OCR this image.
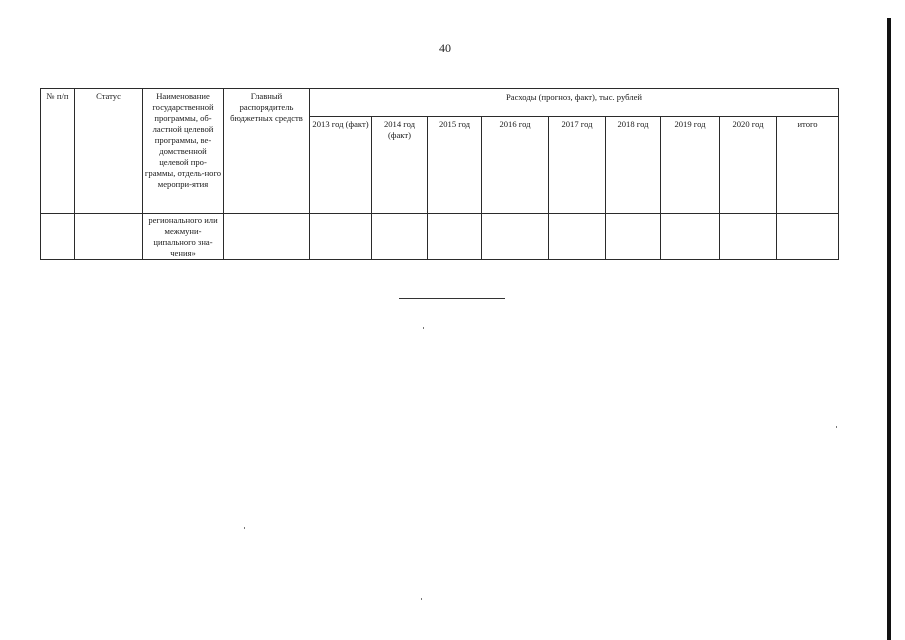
40
№ п/п	Статус	Наименование государственной программы, об-ластной целевой программы, ве-домственной целевой про-граммы, отдель-ного меропри-ятия	Главный распорядитель бюджетных средств	Расходы (прогноз, факт), тыс. рублей								
				2013 год (факт)	2014 год (факт)	2015 год	2016 год	2017 год	2018 год	2019 год	2020 год	итого
		регионального или межмуни-ципального зна-чения»										
